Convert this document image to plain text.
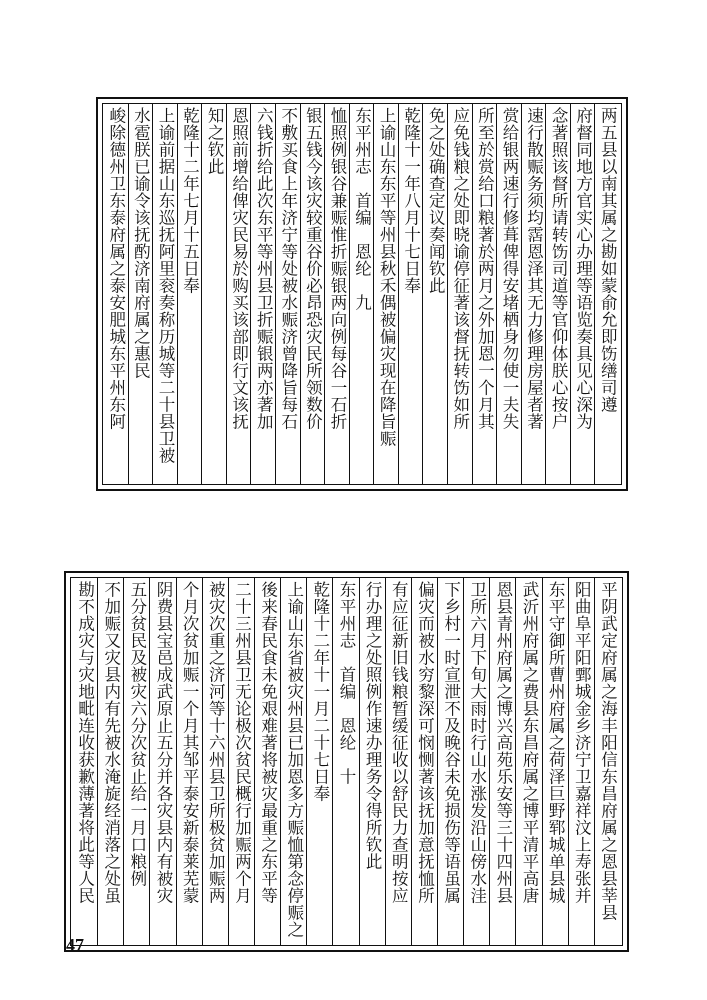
两五县以南其属之勘如蒙俞允即饬缮司遵
府督同地方官实心办理等语览奏具见心深为
念著照该督所请转饬司道等官仰体朕心按户
速行散赈务须均霑恩泽其无力修理房屋者著
赏给银两速行修葺俾得安堵栖身勿使一夫失
所至於赏给口粮著於两月之外加恩一个月其
应免钱粮之处即晓谕停征著该督抚转饬如所
免之处确查定议奏闻钦此
乾隆十一年八月十七日奉
上谕山东东平等州县秋禾偶被偏灾现在降旨赈
东平州志　首编　恩纶　九
恤照例银谷兼赈惟折赈银两向例每谷一石折
银五钱今该灾较重谷价必昂恐灾民所领数价
不敷买食上年济宁等处被水赈济曾降旨每石
六钱折给此次东平等州县卫折赈银两亦著加
恩照前增给俾灾民易於购买该部即行文该抚
知之钦此
乾隆十二年七月十五日奉
上谕前据山东巡抚阿里衮奏称历城等二十县卫被
水雹朕已谕令该抚酌济南府属之惠民
峻除德州卫东泰府属之泰安肥城东平州东阿
平阴武定府属之海丰阳信东昌府属之恩县莘县
阳曲阜平阳鄄城金乡济宁卫嘉祥汶上寿张并
东平守御所曹州府属之荷泽巨野郓城单县城
武沂州府属之费县东昌府属之博平清平高唐
恩县青州府属之博兴高苑乐安等三十四州县
卫所六月下旬大雨时行山水涨发沿山傍水洼
下乡村一时宣泄不及晚谷未免损伤等语虽属
偏灾而被水穷黎深可悯恻著该抚加意抚恤所
有应征新旧钱粮暂缓征收以舒民力查明按应
行办理之处照例作速办理务令得所钦此
东平州志　首编　恩纶　十
乾隆十二年十一月二十七日奉
上谕山东省被灾州县已加恩多方赈恤第念停赈之
後来春民食未免艰难著将被灾最重之东平等
二十三州县卫无论极次贫民概行加赈两个月
被灾次重之济河等十六州县卫所极贫加赈两
个月次贫加赈一个月其邹平泰安新泰莱芜蒙
阴费县宝邑成武原止五分并各灾县内有被灾
五分贫民及被灾六分次贫止给一月口粮例
不加赈又灾县内有先被水淹旋经消落之处虽
勘不成灾与灾地毗连收获歉薄著将此等人民
47
